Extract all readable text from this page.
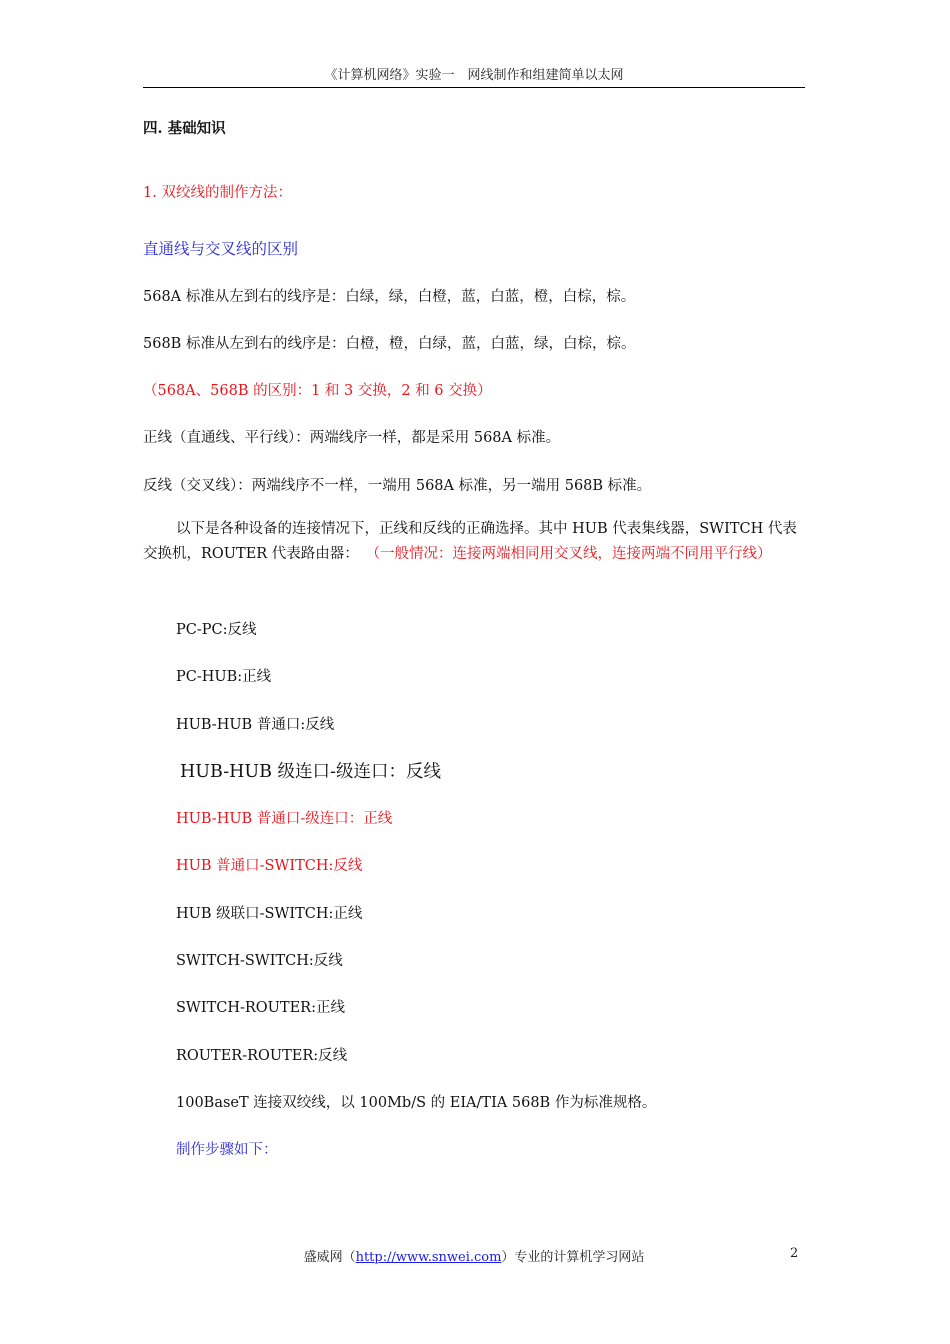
《计算机网络》实验一　网线制作和组建简单以太网
四. 基础知识
1. 双绞线的制作方法：
直通线与交叉线的区别
568A 标准从左到右的线序是：白绿，绿，白橙，蓝，白蓝，橙，白棕，棕。
568B 标准从左到右的线序是：白橙，橙，白绿，蓝，白蓝，绿，白棕，棕。
（568A、568B 的区别：1 和 3 交换，2 和 6 交换）
正线（直通线、平行线）：两端线序一样，都是采用 568A 标准。
反线（交叉线）：两端线序不一样，一端用 568A 标准，另一端用 568B 标准。
以下是各种设备的连接情况下，正线和反线的正确选择。其中 HUB 代表集线器，SWITCH 代表交换机，ROUTER 代表路由器： （一般情况：连接两端相同用交叉线，连接两端不同用平行线）
PC-PC:反线
PC-HUB:正线
HUB-HUB 普通口:反线
HUB-HUB 级连口-级连口：反线
HUB-HUB 普通口-级连口：正线
HUB 普通口-SWITCH:反线
HUB 级联口-SWITCH:正线
SWITCH-SWITCH:反线
SWITCH-ROUTER:正线
ROUTER-ROUTER:反线
100BaseT 连接双绞线，以 100Mb/S 的 EIA/TIA 568B 作为标准规格。
制作步骤如下：
盛威网（http://www.snwei.com）专业的计算机学习网站	2
